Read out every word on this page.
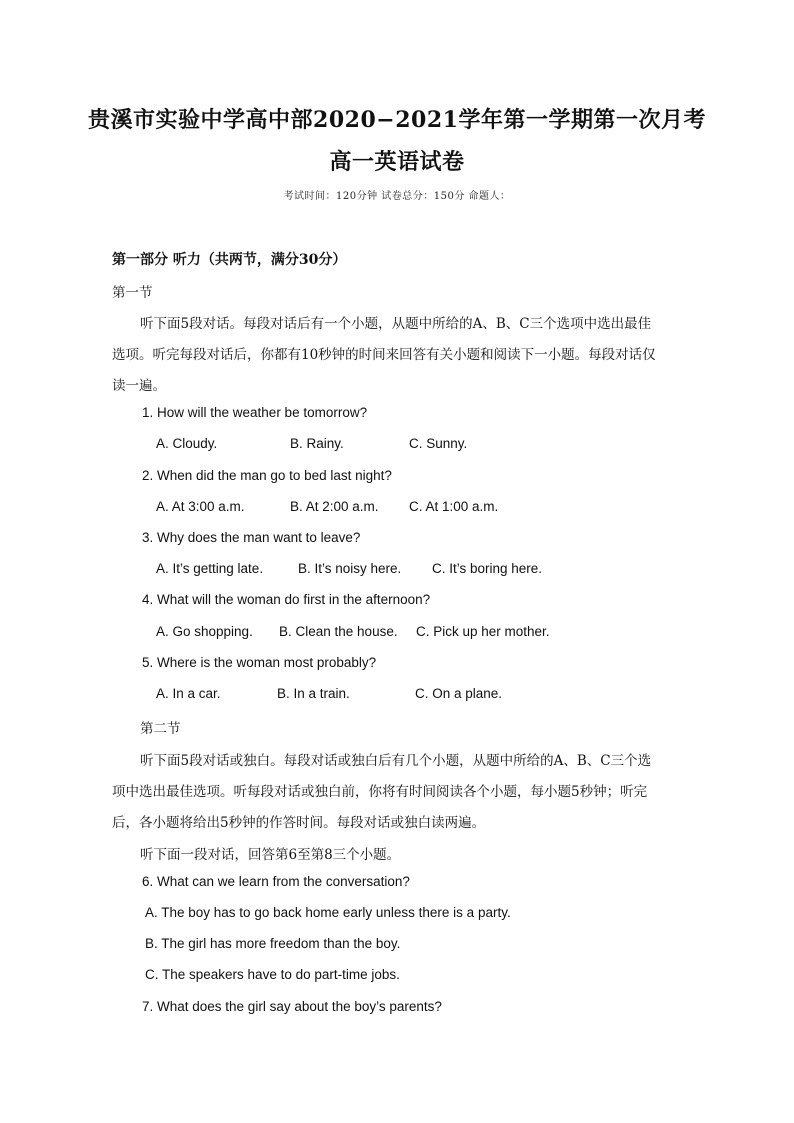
贵溪市实验中学高中部2020−2021学年第一学期第一次月考
高一英语试卷
考试时间：120分钟 试卷总分：150分 命题人：
第一部分 听力（共两节，满分30分）
第一节
听下面5段对话。每段对话后有一个小题，从题中所给的A、B、C三个选项中选出最佳
选项。听完每段对话后，你都有10秒钟的时间来回答有关小题和阅读下一小题。每段对话仅
读一遍。
1. How will the weather be tomorrow?
A. Cloudy.	B. Rainy.	C. Sunny.
2. When did the man go to bed last night?
A. At 3:00 a.m.	B. At 2:00 a.m. C. At 1:00 a.m.
3. Why does the man want to leave?
A. It’s getting late.	B. It’s noisy here. C. It’s boring here.
4. What will the woman do first in the afternoon?
A. Go shopping. B. Clean the house. C. Pick up her mother.
5. Where is the woman most probably?
A. In a car.	B. In a train.	C. On a plane.
第二节
听下面5段对话或独白。每段对话或独白后有几个小题，从题中所给的A、B、C三个选
项中选出最佳选项。听每段对话或独白前，你将有时间阅读各个小题，每小题5秒钟；听完
后，各小题将给出5秒钟的作答时间。每段对话或独白读两遍。
听下面一段对话，回答第6至第8三个小题。
6. What can we learn from the conversation?
A. The boy has to go back home early unless there is a party.
B. The girl has more freedom than the boy.
C. The speakers have to do part-time jobs.
7. What does the girl say about the boy’s parents?
